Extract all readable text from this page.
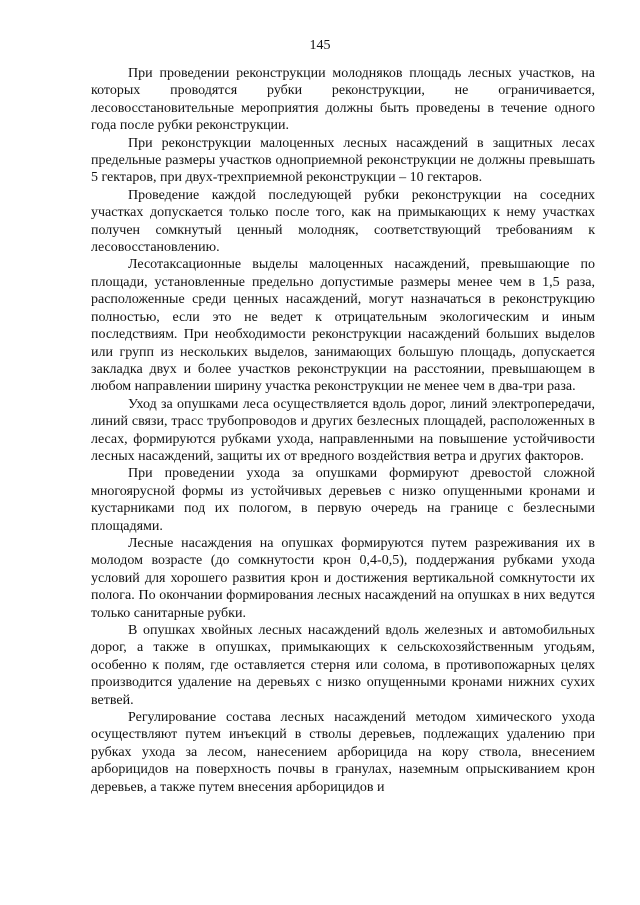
145

При проведении реконструкции молодняков площадь лесных участков, на которых проводятся рубки реконструкции, не ограничивается, лесовосстановительные мероприятия должны быть проведены в течение одного года после рубки реконструкции.

При реконструкции малоценных лесных насаждений в защитных лесах предельные размеры участков одноприемной реконструкции не должны превышать 5 гектаров, при двух-трехприемной реконструкции – 10 гектаров.

Проведение каждой последующей рубки реконструкции на соседних участках допускается только после того, как на примыкающих к нему участках получен сомкнутый ценный молодняк, соответствующий требованиям к лесовосстановлению.

Лесотаксационные выделы малоценных насаждений, превышающие по площади, установленные предельно допустимые размеры менее чем в 1,5 раза, расположенные среди ценных насаждений, могут назначаться в реконструкцию полностью, если это не ведет к отрицательным экологическим и иным последствиям. При необходимости реконструкции насаждений больших выделов или групп из нескольких выделов, занимающих большую площадь, допускается закладка двух и более участков реконструкции на расстоянии, превышающем в любом направлении ширину участка реконструкции не менее чем в два-три раза.

Уход за опушками леса осуществляется вдоль дорог, линий электропередачи, линий связи, трасс трубопроводов и других безлесных площадей, расположенных в лесах, формируются рубками ухода, направленными на повышение устойчивости лесных насаждений, защиты их от вредного воздействия ветра и других факторов.

При проведении ухода за опушками формируют древостой сложной многоярусной формы из устойчивых деревьев с низко опущенными кронами и кустарниками под их пологом, в первую очередь на границе с безлесными площадями.

Лесные насаждения на опушках формируются путем разреживания их в молодом возрасте (до сомкнутости крон 0,4-0,5), поддержания рубками ухода условий для хорошего развития крон и достижения вертикальной сомкнутости их полога. По окончании формирования лесных насаждений на опушках в них ведутся только санитарные рубки.

В опушках хвойных лесных насаждений вдоль железных и автомобильных дорог, а также в опушках, примыкающих к сельскохозяйственным угодьям, особенно к полям, где оставляется стерня или солома, в противопожарных целях производится удаление на деревьях с низко опущенными кронами нижних сухих ветвей.

Регулирование состава лесных насаждений методом химического ухода осуществляют путем инъекций в стволы деревьев, подлежащих удалению при рубках ухода за лесом, нанесением арборицида на кору ствола, внесением арборицидов на поверхность почвы в гранулах, наземным опрыскиванием крон деревьев, а также путем внесения арборицидов и
